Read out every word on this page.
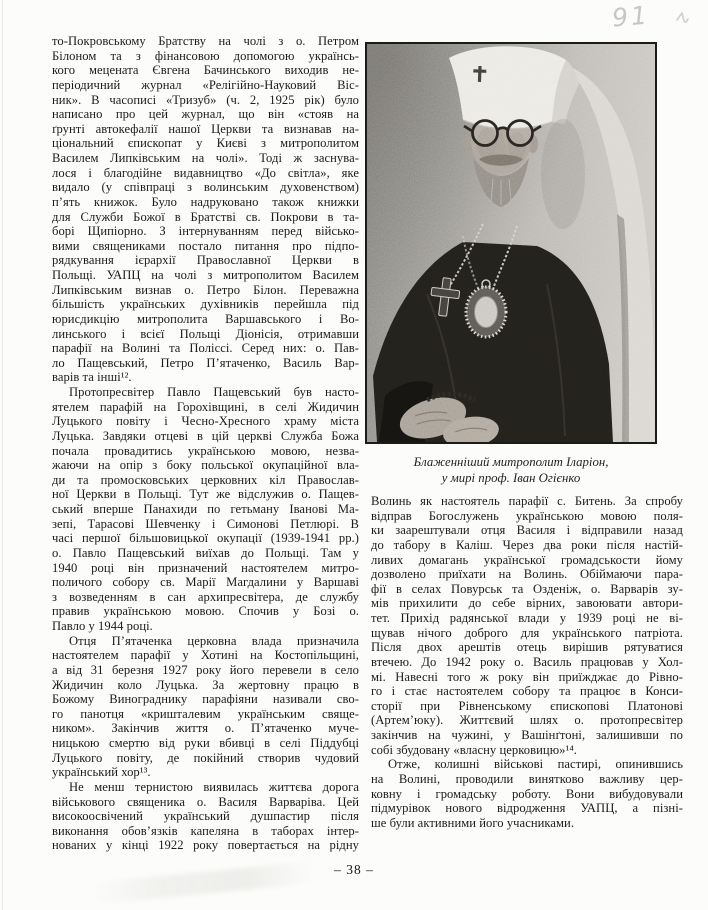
91
то-Покровському Братству на чолі з о. Петром
Білоном та з фінансовою допомогою українсь-
кого мецената Євгена Бачинського виходив не-
періодичний журнал «Релігійно-Науковий Віс-
ник». В часописі «Тризуб» (ч. 2, 1925 рік) було
написано про цей журнал, що він «стояв на
ґрунті автокефалії нашої Церкви та визнавав на-
ціональний єпископат у Києві з митрополитом
Василем Липківським на чолі». Тоді ж заснува-
лося і благодійне видавництво «До світла», яке
видало (у співпраці з волинським духовенством)
п’ять книжок. Було надруковано також книжки
для Служби Божої в Братстві св. Покрови в та-
борі Щипіорно. З інтернуванням перед військо-
вими священиками постало питання про підпо-
рядкування ієрархії Православної Церкви в
Польщі. УАПЦ на чолі з митрополитом Василем
Липківським визнав о. Петро Білон. Переважна
більшість українських духівників перейшла під
юрисдикцію митрополита Варшавського і Во-
линського і всієї Польщі Діонісія, отримавши
парафії на Волині та Поліссі. Серед них: о. Пав-
ло Пащевський, Петро П’ятаченко, Василь Вар-
варів та інші¹².
Протопресвітер Павло Пащевський був насто-
ятелем парафій на Горохівщині, в селі Жидичин
Луцького повіту і Чесно-Хресного храму міста
Луцька. Завдяки отцеві в цій церкві Служба Божа
почала провадитись українською мовою, незва-
жаючи на опір з боку польської окупаційної вла-
ди та промосковських церковних кіл Православ-
ної Церкви в Польщі. Тут же відслужив о. Пащев-
ський вперше Панахиди по гетьману Іванові Ма-
зепі, Тарасові Шевченку і Симонові Петлюрі. В
часі першої більшовицької окупації (1939-1941 рр.)
о. Павло Пащевський виїхав до Польщі. Там у
1940 році він призначений настоятелем митро-
поличого собору св. Марії Магдалини у Варшаві
з возведенням в сан архипресвітера, де службу
правив українською мовою. Спочив у Бозі о.
Павло у 1944 році.
Отця П’ятаченка церковна влада призначила
настоятелем парафії у Хотині на Костопільщині,
а від 31 березня 1927 року його перевели в село
Жидичин коло Луцька. За жертовну працю в
Божому Винограднику парафіяни називали сво-
го панотця «кришталевим українським свяще-
ником». Закінчив життя о. П’ятаченко муче-
ницькою смертю від руки вбивці в селі Піддубці
Луцького повіту, де покійний створив чудовий
український хор¹³.
Не менш тернистою виявилась життєва дорога
військового священика о. Василя Варваріва. Цей
високоосвічений український душпастир після
виконання обов’язків капеляна в таборах інтер-
нованих у кінці 1922 року повертається на рідну
Блаженніший митрополит Іларіон,
у мирі проф. Іван Огієнко
Волинь як настоятель парафії с. Битень. За спробу
відправ Богослужень українською мовою поля-
ки заарештували отця Василя і відправили назад
до табору в Каліш. Через два роки після настій-
ливих домагань української громадськости йому
дозволено приїхати на Волинь. Обіймаючи пара-
фії в селах Повурськ та Озденіж, о. Варварів зу-
мів прихилити до себе вірних, завоювати автори-
тет. Прихід радянської влади у 1939 році не ві-
щував нічого доброго для українського патріота.
Після двох арештів отець вирішив рятуватися
втечею. До 1942 року о. Василь працював у Хол-
мі. Навесні того ж року він приїжджає до Рівно-
го і стає настоятелем собору та працює в Конси-
сторії при Рівненському єпископові Платонові
(Артем’юку). Життєвий шлях о. протопресвітер
закінчив на чужині, у Вашінґтоні, залишивши по
собі збудовану «власну церковицю»¹⁴.
Отже, колишні військові пастирі, опинившись
на Волині, проводили винятково важливу цер-
ковну і громадську роботу. Вони вибудовували
підмурівок нового відродження УАПЦ, а пізні-
ше були активними його учасниками.
– 38 –
